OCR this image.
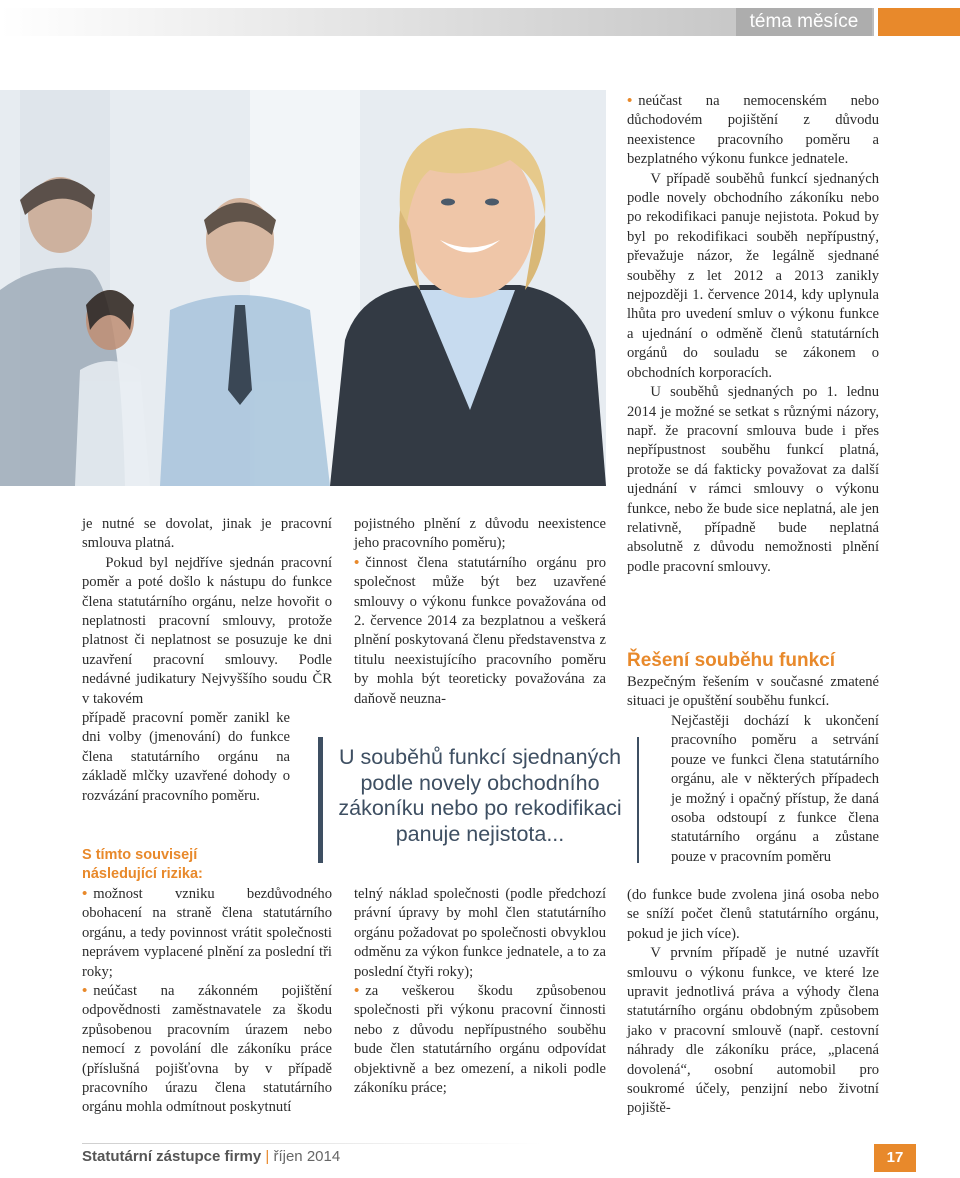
téma měsíce

je nutné se dovolat, jinak je pracovní smlouva platná.

Pokud byl nejdříve sjednán pracovní poměr a poté došlo k nástupu do funkce člena statutárního orgánu, nelze hovořit o neplatnosti pracovní smlouvy, protože platnost či neplatnost se posuzuje ke dni uzavření pracovní smlouvy. Podle nedávné judikatury Nejvyššího soudu ČR v takovém

případě pracovní poměr zanikl ke dni volby (jmenování) do funkce člena statutárního orgánu na základě mlčky uzavřené dohody o rozvázání pracovního poměru.

S tímto souvisejí

následující rizika:

• možnost vzniku bezdůvodného obohacení na straně člena statutárního orgánu, a tedy povinnost vrátit společnosti neprávem vyplacené plnění za poslední tři roky;

• neúčast na zákonném pojištění odpovědnosti zaměstnavatele za škodu způsobenou pracovním úrazem nebo nemocí z povolání dle zákoníku práce (příslušná pojišťovna by v případě pracovního úrazu člena statutárního orgánu mohla odmítnout poskytnutí

pojistného plnění z důvodu neexistence jeho pracovního poměru);

• činnost člena statutárního orgánu pro společnost může být bez uzavřené smlouvy o výkonu funkce považována od 2. července 2014 za bezplatnou a veškerá plnění poskytovaná členu představenstva z titulu neexistujícího pracovního poměru by mohla být teoreticky považována za daňově neuzna-

U souběhů funkcí sjednaných podle novely obchodního zákoníku nebo po rekodifikaci panuje nejistota...

telný náklad společnosti (podle předchozí právní úpravy by mohl člen statutárního orgánu požadovat po společnosti obvyklou odměnu za výkon funkce jednatele, a to za poslední čtyři roky);

• za veškerou škodu způsobenou společnosti při výkonu pracovní činnosti nebo z důvodu nepřípustného souběhu bude člen statutárního orgánu odpovídat objektivně a bez omezení, a nikoli podle zákoníku práce;

• neúčast na nemocenském nebo důchodovém pojištění z důvodu neexistence pracovního poměru a bezplatného výkonu funkce jednatele.

V případě souběhů funkcí sjednaných podle novely obchodního zákoníku nebo po rekodifikaci panuje nejistota. Pokud by byl po rekodifikaci souběh nepřípustný, převažuje názor, že legálně sjednané souběhy z let 2012 a 2013 zanikly nejpozději 1. července 2014, kdy uplynula lhůta pro uvedení smluv o výkonu funkce a ujednání o odměně členů statutárních orgánů do souladu se zákonem o obchodních korporacích.

U souběhů sjednaných po 1. lednu 2014 je možné se setkat s různými názory, např. že pracovní smlouva bude i přes nepřípustnost souběhu funkcí platná, protože se dá fakticky považovat za další ujednání v rámci smlouvy o výkonu funkce, nebo že bude sice neplatná, ale jen relativně, případně bude neplatná absolutně z důvodu nemožnosti plnění podle pracovní smlouvy.

Řešení souběhu funkcí

Bezpečným řešením v současné zmatené situaci je opuštění souběhu funkcí.

Nejčastěji dochází k ukončení pracovního poměru a setrvání pouze ve funkci člena statutárního orgánu, ale v některých případech je možný i opačný přístup, že daná osoba odstoupí z funkce člena statutárního orgánu a zůstane pouze v pracovním poměru

(do funkce bude zvolena jiná osoba nebo se sníží počet členů statutárního orgánu, pokud je jich více).

V prvním případě je nutné uzavřít smlouvu o výkonu funkce, ve které lze upravit jednotlivá práva a výhody člena statutárního orgánu obdobným způsobem jako v pracovní smlouvě (např. cestovní náhrady dle zákoníku práce, „placená dovolená“, osobní automobil pro soukromé účely, penzijní nebo životní pojiště-

Statutární zástupce firmy | říjen 2014	17
